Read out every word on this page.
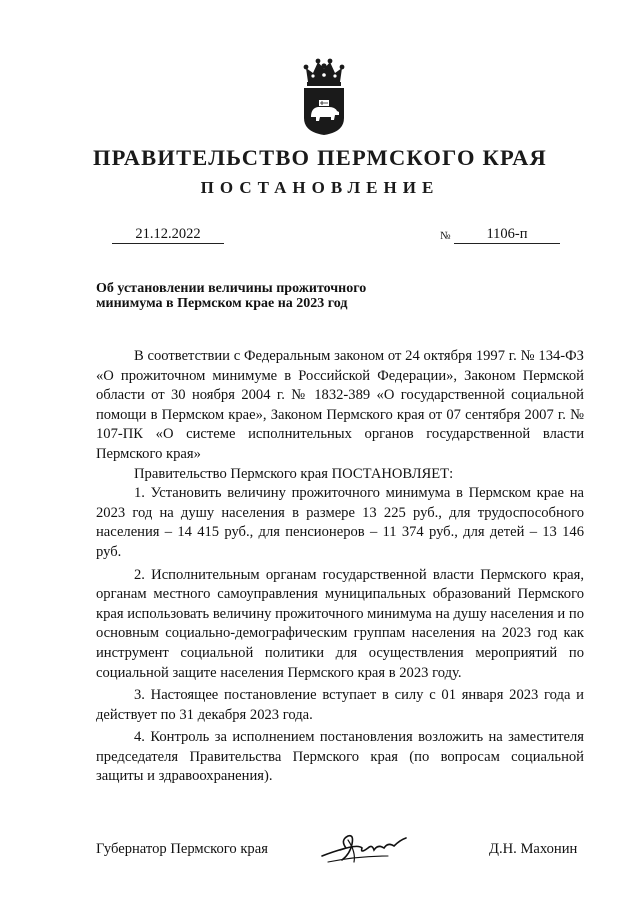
ПРАВИТЕЛЬСТВО ПЕРМСКОГО КРАЯ
ПОСТАНОВЛЕНИЕ
21.12.2022	№	1106-п
Об установлении величины прожиточного
минимума в Пермском крае на 2023 год

В соответствии с Федеральным законом от 24 октября 1997 г. № 134-ФЗ «О прожиточном минимуме в Российской Федерации», Законом Пермской области от 30 ноября 2004 г. № 1832-389 «О государственной социальной помощи в Пермском крае», Законом Пермского края от 07 сентября 2007 г. № 107-ПК «О системе исполнительных органов государственной власти Пермского края»

Правительство Пермского края ПОСТАНОВЛЯЕТ:

1. Установить величину прожиточного минимума в Пермском крае на 2023 год на душу населения в размере 13 225 руб., для трудоспособного населения – 14 415 руб., для пенсионеров – 11 374 руб., для детей – 13 146 руб.

2. Исполнительным органам государственной власти Пермского края, органам местного самоуправления муниципальных образований Пермского края использовать величину прожиточного минимума на душу населения и по основным социально-демографическим группам населения на 2023 год как инструмент социальной политики для осуществления мероприятий по социальной защите населения Пермского края в 2023 году.

3. Настоящее постановление вступает в силу с 01 января 2023 года и действует по 31 декабря 2023 года.

4. Контроль за исполнением постановления возложить на заместителя председателя Правительства Пермского края (по вопросам социальной защиты и здравоохранения).

Губернатор Пермского края	Д.Н. Махонин
